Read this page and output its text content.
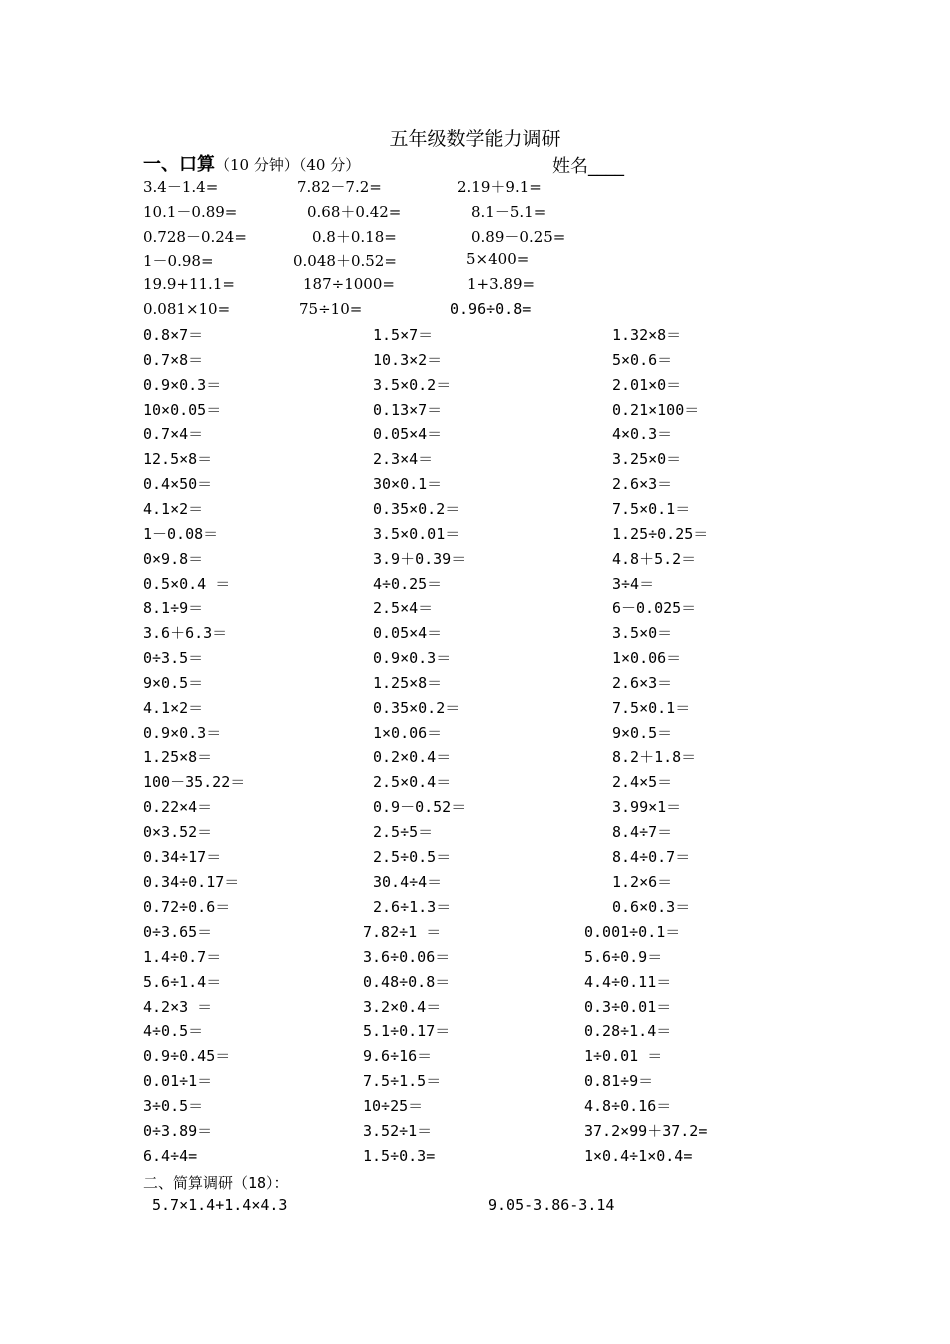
五年级数学能力调研
一、口算（10 分钟）（40 分）	姓名____
3.4－1.4=	7.82－7.2=	2.19＋9.1=
10.1－0.89=	0.68＋0.42=	8.1－5.1=
0.728－0.24=	0.8＋0.18=	0.89－0.25=
1－0.98=	0.048＋0.52=	5×400=
19.9+11.1=	187÷1000=	1+3.89=
0.081×10=	75÷10=	0.96÷0.8=
0.8×7＝	1.5×7＝	1.32×8＝
0.7×8＝	10.3×2＝	5×0.6＝
0.9×0.3＝	3.5×0.2＝	2.01×0＝
10×0.05＝	0.13×7＝	0.21×100＝
0.7×4＝	0.05×4＝	4×0.3＝
12.5×8＝	2.3×4＝	3.25×0＝
0.4×50＝	30×0.1＝	2.6×3＝
4.1×2＝	0.35×0.2＝	7.5×0.1＝
1－0.08＝	3.5×0.01＝	1.25÷0.25＝
0×9.8＝	3.9＋0.39＝	4.8＋5.2＝
0.5×0.4 ＝	4÷0.25＝	3÷4＝
8.1÷9＝	2.5×4＝	6－0.025＝
3.6＋6.3＝	0.05×4＝	3.5×0＝
0÷3.5＝	0.9×0.3＝	1×0.06＝
9×0.5＝	1.25×8＝	2.6×3＝
4.1×2＝	0.35×0.2＝	7.5×0.1＝
0.9×0.3＝	1×0.06＝	9×0.5＝
1.25×8＝	0.2×0.4＝	8.2＋1.8＝
100－35.22＝	2.5×0.4＝	2.4×5＝
0.22×4＝	0.9－0.52＝	3.99×1＝
0×3.52＝	2.5÷5＝	8.4÷7＝
0.34÷17＝	2.5÷0.5＝	8.4÷0.7＝
0.34÷0.17＝	30.4÷4＝	1.2×6＝
0.72÷0.6＝	2.6÷1.3＝	0.6×0.3＝
0÷3.65＝	7.82÷1 ＝	0.001÷0.1＝
1.4÷0.7＝	3.6÷0.06＝	5.6÷0.9＝
5.6÷1.4＝	0.48÷0.8＝	4.4÷0.11＝
4.2×3 ＝	3.2×0.4＝	0.3÷0.01＝
4÷0.5＝	5.1÷0.17＝	0.28÷1.4＝
0.9÷0.45＝	9.6÷16＝	1÷0.01 ＝
0.01÷1＝	7.5÷1.5＝	0.81÷9＝
3÷0.5＝	10÷25＝	4.8÷0.16＝
0÷3.89＝	3.52÷1＝	37.2×99＋37.2=
6.4÷4=	1.5÷0.3=	1×0.4÷1×0.4=
二、简算调研（18）：
5.7×1.4+1.4×4.3	9.05-3.86-3.14
